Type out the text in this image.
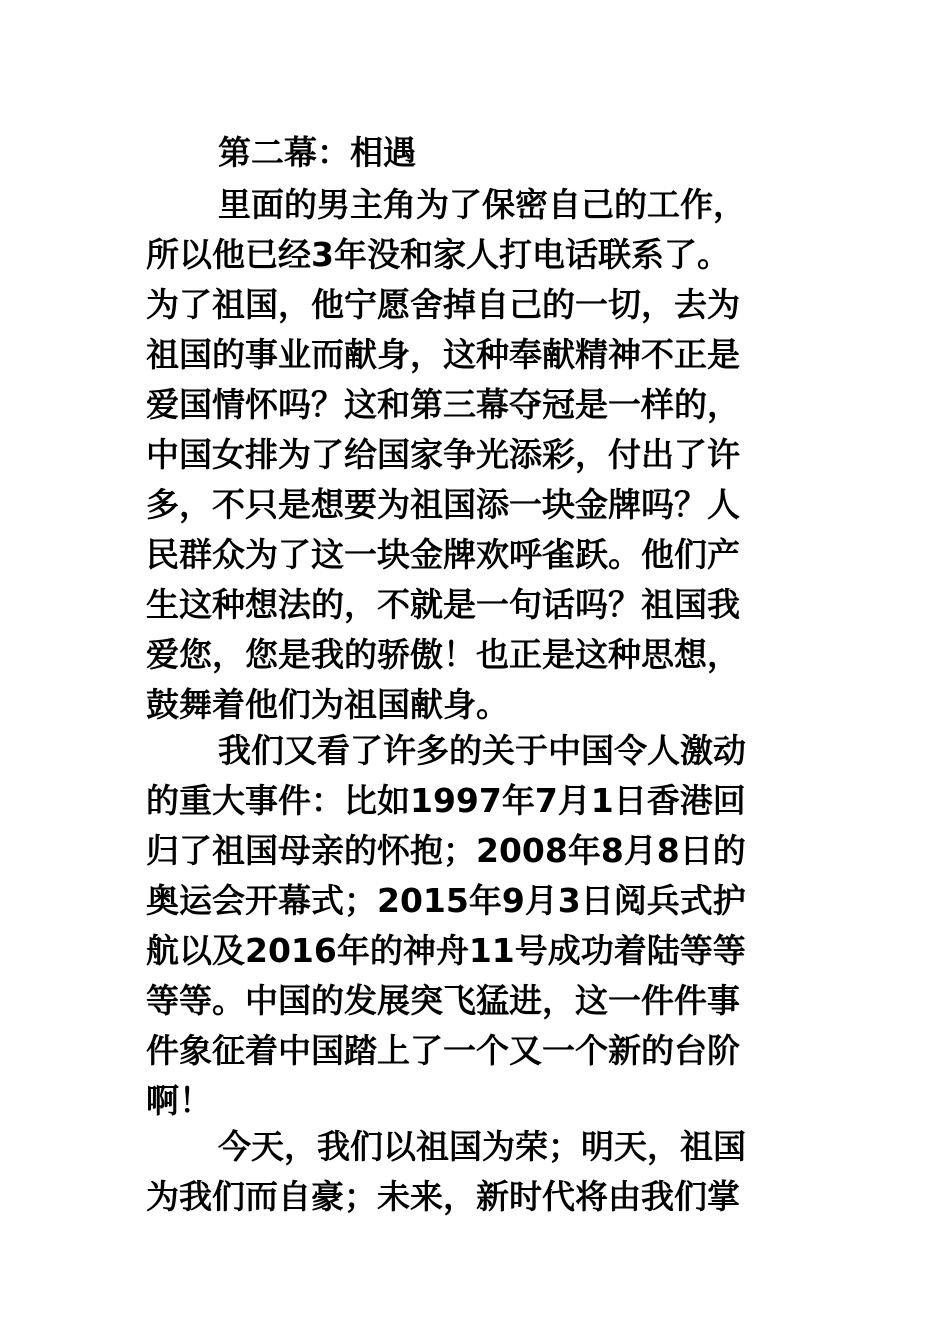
第二幕：相遇
里面的男主角为了保密自己的工作，
所以他已经3年没和家人打电话联系了。
为了祖国，他宁愿舍掉自己的一切，去为
祖国的事业而献身，这种奉献精神不正是
爱国情怀吗？这和第三幕夺冠是一样的，
中国女排为了给国家争光添彩，付出了许
多，不只是想要为祖国添一块金牌吗？人
民群众为了这一块金牌欢呼雀跃。他们产
生这种想法的，不就是一句话吗？祖国我
爱您，您是我的骄傲！也正是这种思想，
鼓舞着他们为祖国献身。
我们又看了许多的关于中国令人激动
的重大事件：比如1997年7月1日香港回
归了祖国母亲的怀抱；2008年8月8日的
奥运会开幕式；2015年9月3日阅兵式护
航以及2016年的神舟11号成功着陆等等
等等。中国的发展突飞猛进，这一件件事
件象征着中国踏上了一个又一个新的台阶
啊！
今天，我们以祖国为荣；明天，祖国
为我们而自豪；未来，新时代将由我们掌
